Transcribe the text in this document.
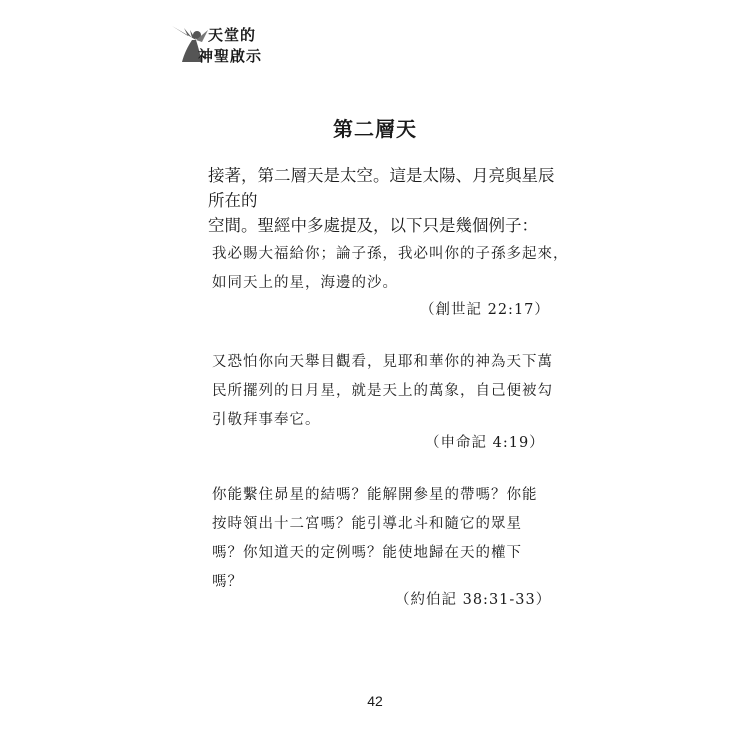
天堂的
神聖啟示
第二層天
接著，第二層天是太空。這是太陽、月亮與星辰所在的
空間。聖經中多處提及，以下只是幾個例子：

我必賜大福給你；論子孫，我必叫你的子孫多起來，

如同天上的星，海邊的沙。

（創世記 22:17）

又恐怕你向天舉目觀看，見耶和華你的神為天下萬

民所擺列的日月星，就是天上的萬象，自己便被勾

引敬拜事奉它。

（申命記 4:19）

你能繫住昴星的結嗎？能解開參星的帶嗎？你能

按時領出十二宮嗎？能引導北斗和隨它的眾星

嗎？你知道天的定例嗎？能使地歸在天的權下

嗎？

（約伯記 38:31-33）
42
